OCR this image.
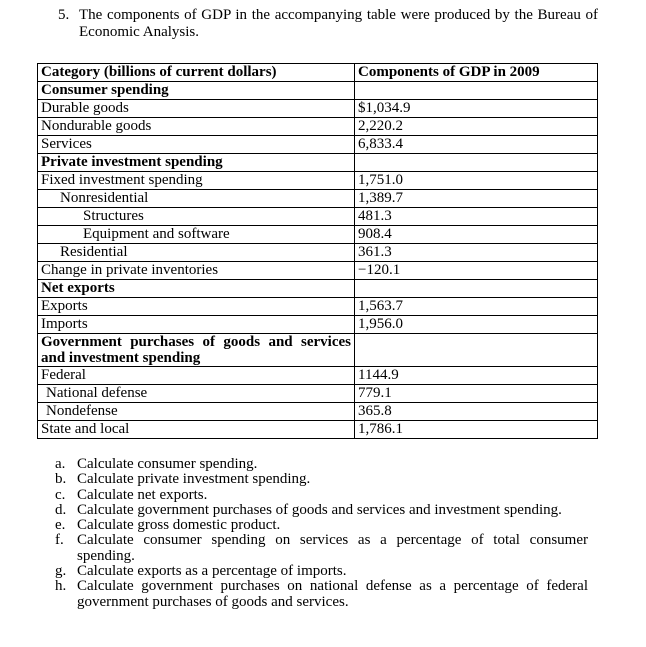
5. The components of GDP in the accompanying table were produced by the Bureau of Economic Analysis.
Category (billions of current dollars)	Components of GDP in 2009
Consumer spending	
Durable goods	$1,034.9
Nondurable goods	2,220.2
Services	6,833.4
Private investment spending	
Fixed investment spending	1,751.0
Nonresidential	1,389.7
Structures	481.3
Equipment and software	908.4
Residential	361.3
Change in private inventories	−120.1
Net exports	
Exports	1,563.7
Imports	1,956.0
Government purchases of goods and services and investment spending	
Federal	1144.9
National defense	779.1
Nondefense	365.8
State and local	1,786.1
a. Calculate consumer spending.
b. Calculate private investment spending.
c. Calculate net exports.
d. Calculate government purchases of goods and services and investment spending.
e. Calculate gross domestic product.
f. Calculate consumer spending on services as a percentage of total consumer spending.
g. Calculate exports as a percentage of imports.
h. Calculate government purchases on national defense as a percentage of federal government purchases of goods and services.
